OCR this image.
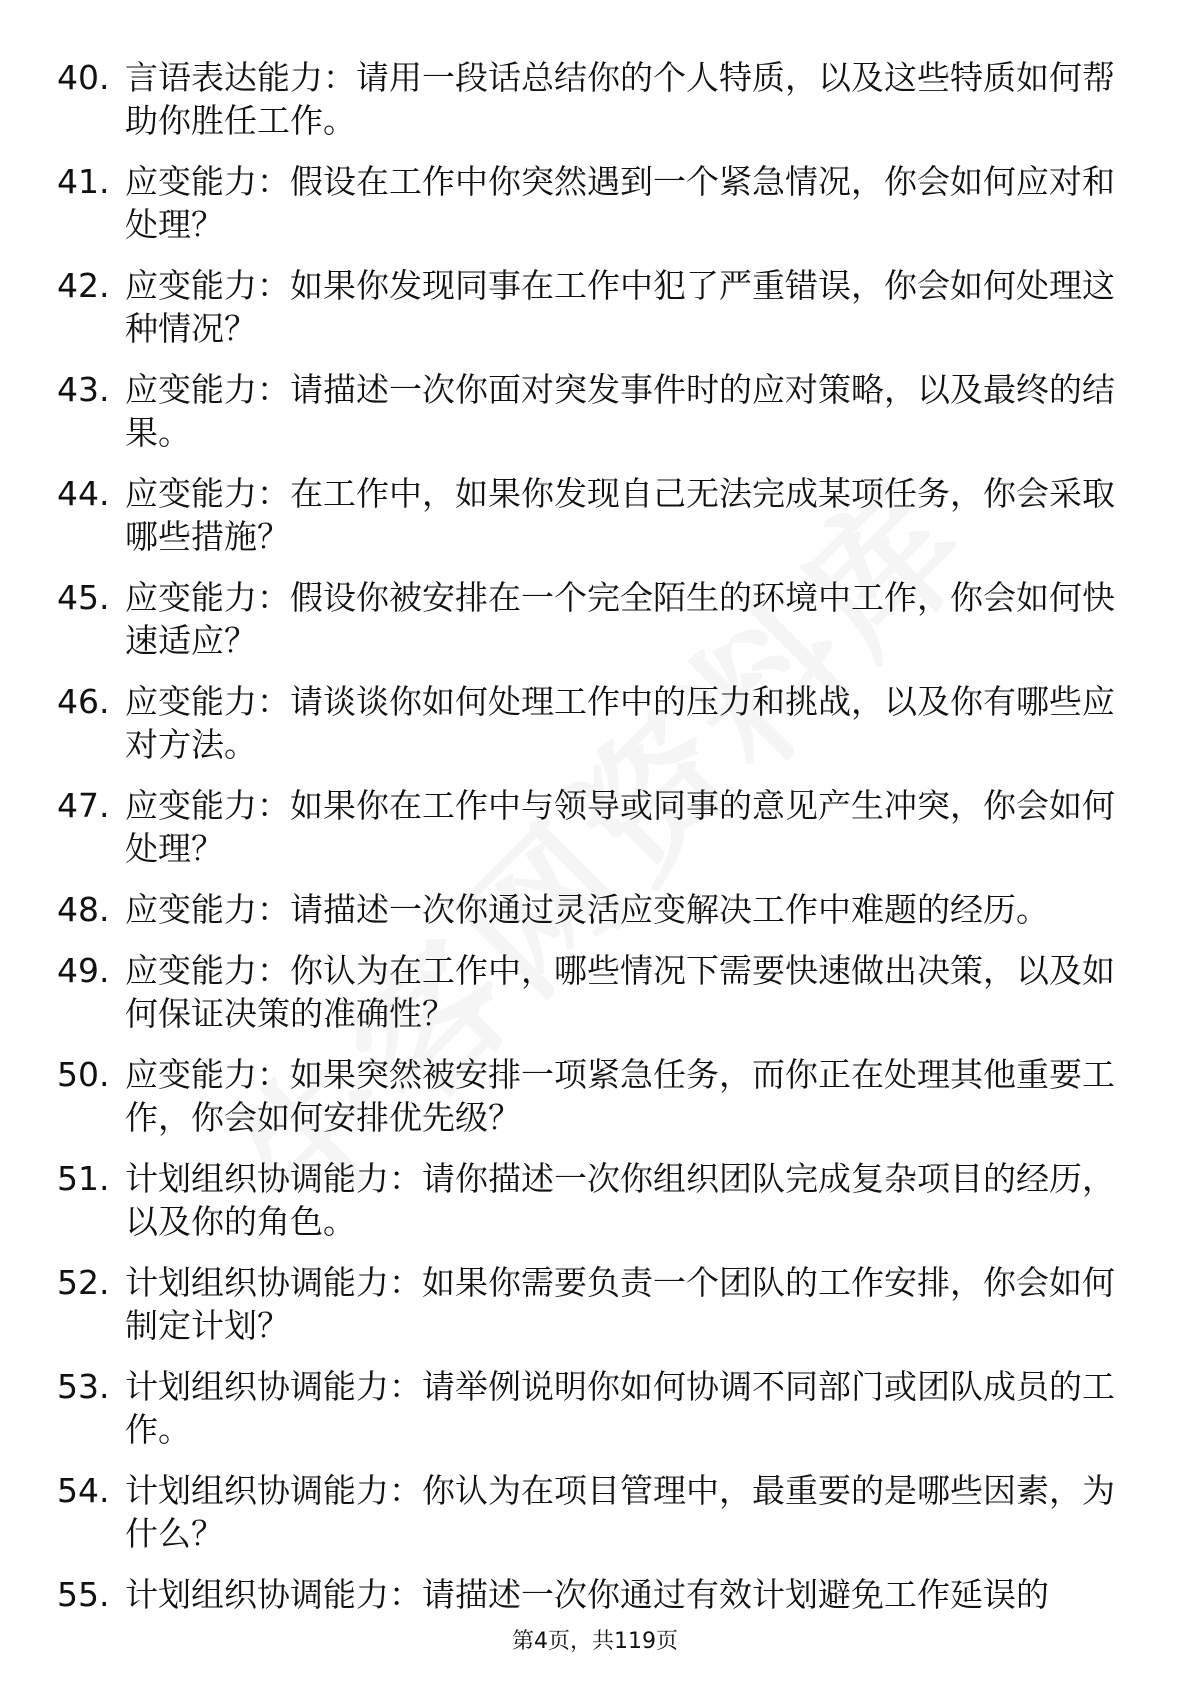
40. 言语表达能力：请用一段话总结你的个人特质，以及这些特质如何帮助你胜任工作。
41. 应变能力：假设在工作中你突然遇到一个紧急情况，你会如何应对和处理？
42. 应变能力：如果你发现同事在工作中犯了严重错误，你会如何处理这种情况？
43. 应变能力：请描述一次你面对突发事件时的应对策略，以及最终的结果。
44. 应变能力：在工作中，如果你发现自己无法完成某项任务，你会采取哪些措施？
45. 应变能力：假设你被安排在一个完全陌生的环境中工作，你会如何快速适应？
46. 应变能力：请谈谈你如何处理工作中的压力和挑战，以及你有哪些应对方法。
47. 应变能力：如果你在工作中与领导或同事的意见产生冲突，你会如何处理？
48. 应变能力：请描述一次你通过灵活应变解决工作中难题的经历。
49. 应变能力：你认为在工作中，哪些情况下需要快速做出决策，以及如何保证决策的准确性？
50. 应变能力：如果突然被安排一项紧急任务，而你正在处理其他重要工作，你会如何安排优先级？
51. 计划组织协调能力：请你描述一次你组织团队完成复杂项目的经历，以及你的角色。
52. 计划组织协调能力：如果你需要负责一个团队的工作安排，你会如何制定计划？
53. 计划组织协调能力：请举例说明你如何协调不同部门或团队成员的工作。
54. 计划组织协调能力：你认为在项目管理中，最重要的是哪些因素，为什么？
55. 计划组织协调能力：请描述一次你通过有效计划避免工作延误的
第4页，共119页
